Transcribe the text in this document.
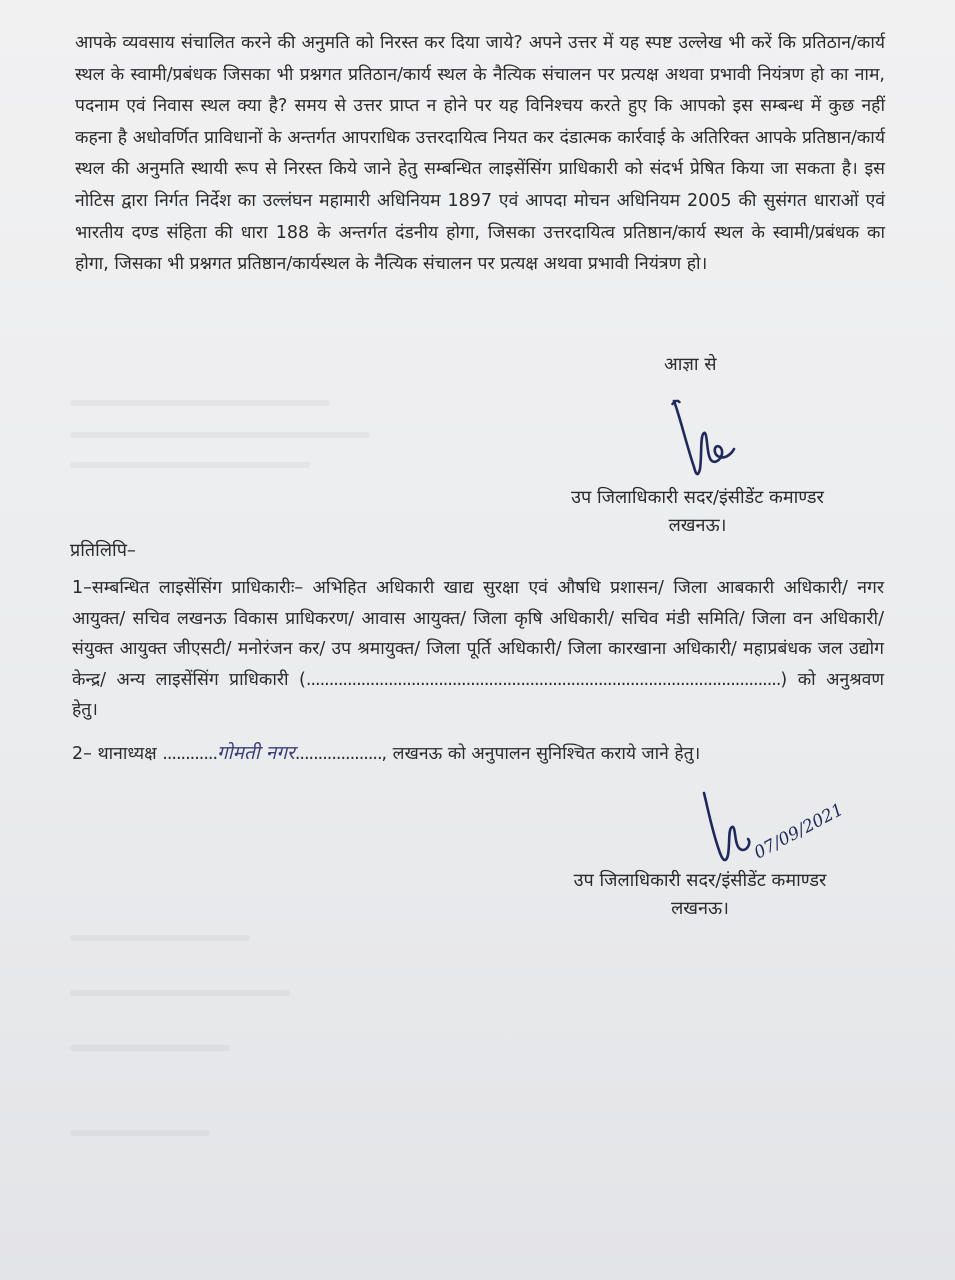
आपके व्यवसाय संचालित करने की अनुमति को निरस्त कर दिया जाये? अपने उत्तर में यह स्पष्ट उल्लेख भी करें कि प्रतिठान/कार्य स्थल के स्वामी/प्रबंधक जिसका भी प्रश्नगत प्रतिठान/कार्य स्थल के नैत्यिक संचालन पर प्रत्यक्ष अथवा प्रभावी नियंत्रण हो का नाम, पदनाम एवं निवास स्थल क्या है? समय से उत्तर प्राप्त न होने पर यह विनिश्चय करते हुए कि आपको इस सम्बन्ध में कुछ नहीं कहना है अधोवर्णित प्राविधानों के अन्तर्गत आपराधिक उत्तरदायित्व नियत कर दंडात्मक कार्रवाई के अतिरिक्त आपके प्रतिष्ठान/कार्य स्थल की अनुमति स्थायी रूप से निरस्त किये जाने हेतु सम्बन्धित लाइसेंसिंग प्राधिकारी को संदर्भ प्रेषित किया जा सकता है। इस नोटिस द्वारा निर्गत निर्देश का उल्लंघन महामारी अधिनियम 1897 एवं आपदा मोचन अधिनियम 2005 की सुसंगत धाराओं एवं भारतीय दण्ड संहिता की धारा 188 के अन्तर्गत दंडनीय होगा, जिसका उत्तरदायित्व प्रतिष्ठान/कार्य स्थल के स्वामी/प्रबंधक का होगा, जिसका भी प्रश्नगत प्रतिष्ठान/कार्यस्थल के नैत्यिक संचालन पर प्रत्यक्ष अथवा प्रभावी नियंत्रण हो।
आज्ञा से
उप जिलाधिकारी सदर/इंसीडेंट कमाण्डर
लखनऊ।
प्रतिलिपि–
1–सम्बन्धित लाइसेंसिंग प्राधिकारीः– अभिहित अधिकारी खाद्य सुरक्षा एवं औषधि प्रशासन/ जिला आबकारी अधिकारी/ नगर आयुक्त/ सचिव लखनऊ विकास प्राधिकरण/ आवास आयुक्त/ जिला कृषि अधिकारी/ सचिव मंडी समिति/ जिला वन अधिकारी/ संयुक्त आयुक्त जीएसटी/ मनोरंजन कर/ उप श्रमायुक्त/ जिला पूर्ति अधिकारी/ जिला कारखाना अधिकारी/ महाप्रबंधक जल उद्योग केन्द्र/ अन्य लाइसेंसिंग प्राधिकारी (........................................................................................................) को अनुश्रवण हेतु।
2– थानाध्यक्ष ............गोमती नगर..................., लखनऊ को अनुपालन सुनिश्चित कराये जाने हेतु।
07/09/2021
उप जिलाधिकारी सदर/इंसीडेंट कमाण्डर
लखनऊ।
